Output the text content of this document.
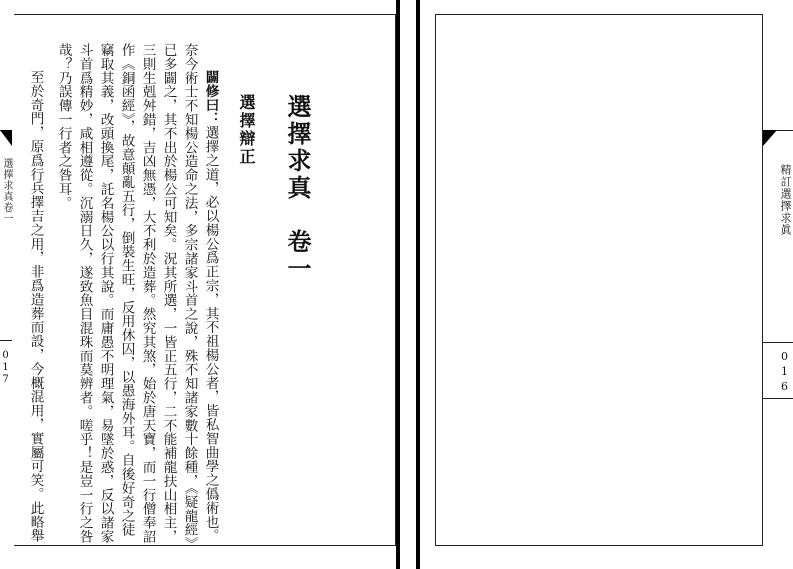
選擇求真　卷一
選擇辯正
闢修曰：選擇之道，必以楊公爲正宗，其不祖楊公者，皆私智曲學之僞術也。
奈今術士不知楊公造命之法，多宗諸家斗首之說，殊不知諸家數十餘種，《疑龍經》
已多闢之，其不出於楊公可知矣。況其所選，一皆正五行，二不能補龍扶山相主，
三則生剋舛錯，吉凶無憑，大不利於造葬。然究其煞，始於唐天寶，而一行僧奉詔
作《銅函經》，故意顛亂五行，倒裝生旺，反用休囚，以愚海外耳。自後好奇之徒
竊取其義，改頭換尾，託名楊公以行其說。而庸愚不明理氣，易墜於惑，反以諸家
斗首爲精妙，咸相遵從。沉溺日久，遂致魚目混珠而莫辨者。嗟乎！是豈一行之咎
哉？乃誤傳一行者之咎耳。
至於奇門，原爲行兵擇吉之用，非爲造葬而設，今概混用，實屬可笑。此略舉
選擇求真卷一
017
精訂選擇求眞
016
